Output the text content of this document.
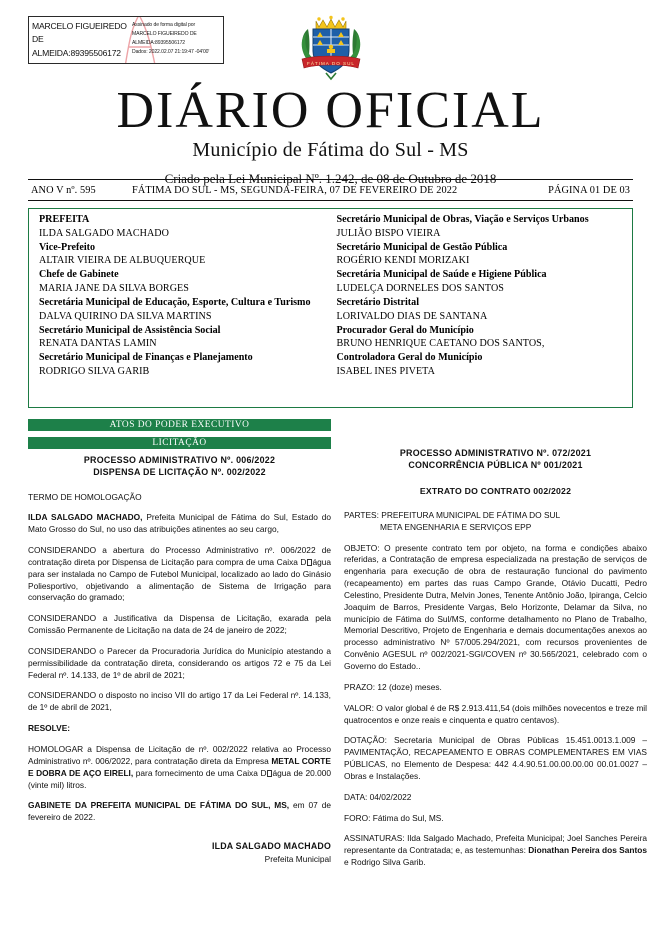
MARCELO FIGUEIREDO DE ALMEIDA:89395506172
Assinado de forma digital por
MARCELO FIGUEIREDO DE
ALMEIDA:89395506172
Dados: 2022.02.07 21:19:47 -04'00'
FÁTIMA DO SUL
DIÁRIO OFICIAL
Município de Fátima do Sul - MS
Criado pela Lei Municipal Nº. 1.242, de 08 de Outubro de 2018
ANO V nº. 595	FÁTIMA DO SUL - MS, SEGUNDA-FEIRA, 07 DE FEVEREIRO DE 2022	PÁGINA 01 DE 03
PREFEITA
ILDA SALGADO MACHADO
Vice-Prefeito
ALTAIR VIEIRA DE ALBUQUERQUE
Chefe de Gabinete
MARIA JANE DA SILVA BORGES
Secretária Municipal de Educação, Esporte, Cultura e Turismo
DALVA QUIRINO DA SILVA MARTINS
Secretário Municipal de Assistência Social
RENATA DANTAS LAMIN
Secretário Municipal de Finanças e Planejamento
RODRIGO SILVA GARIB
Secretário Municipal de Obras, Viação e Serviços Urbanos
JULIÃO BISPO VIEIRA
Secretário Municipal de Gestão Pública
ROGÉRIO KENDI MORIZAKI
Secretária Municipal de Saúde e Higiene Pública
LUDELÇA DORNELES DOS SANTOS
Secretário Distrital
LORIVALDO DIAS DE SANTANA
Procurador Geral do Município
BRUNO HENRIQUE CAETANO DOS SANTOS,
Controladora Geral do Município
ISABEL INES PIVETA
ATOS DO PODER EXECUTIVO
LICITAÇÃO
PROCESSO ADMINISTRATIVO Nº. 006/2022
DISPENSA DE LICITAÇÃO Nº. 002/2022

TERMO DE HOMOLOGAÇÃO

ILDA SALGADO MACHADO, Prefeita Municipal de Fátima do Sul, Estado do Mato Grosso do Sul, no uso das atribuições atinentes ao seu cargo,

CONSIDERANDO a abertura do Processo Administrativo nº. 006/2022 de contratação direta por Dispensa de Licitação para compra de uma Caixa D água para ser instalada no Campo de Futebol Municipal, localizado ao lado do Ginásio Poliesportivo, objetivando a alimentação de Sistema de Irrigação para conservação do gramado;

CONSIDERANDO a Justificativa da Dispensa de Licitação, exarada pela Comissão Permanente de Licitação na data de 24 de janeiro de 2022;

CONSIDERANDO o Parecer da Procuradoria Jurídica do Município atestando a permissibilidade da contratação direta, considerando os artigos 72 e 75 da Lei Federal nº. 14.133, de 1º de abril de 2021;

CONSIDERANDO o disposto no inciso VII do artigo 17 da Lei Federal nº. 14.133, de 1º de abril de 2021,

RESOLVE:

HOMOLOGAR a Dispensa de Licitação de nº. 002/2022 relativa ao Processo Administrativo nº. 006/2022, para contratação direta da Empresa METAL CORTE E DOBRA DE AÇO EIRELI, para fornecimento de uma Caixa D água de 20.000 (vinte mil) litros.

GABINETE DA PREFEITA MUNICIPAL DE FÁTIMA DO SUL, MS, em 07 de fevereiro de 2022.

ILDA SALGADO MACHADO
Prefeita Municipal
PROCESSO ADMINISTRATIVO Nº. 072/2021
CONCORRÊNCIA PÚBLICA Nº 001/2021
EXTRATO DO CONTRATO 002/2022

PARTES: PREFEITURA MUNICIPAL DE FÁTIMA DO SUL

META ENGENHARIA E SERVIÇOS EPP

OBJETO: O presente contrato tem por objeto, na forma e condições abaixo referidas, a Contratação de empresa especializada na prestação de serviços de engenharia para execução de obra de restauração funcional do pavimento (recapeamento) em partes das ruas Campo Grande, Otávio Ducatti, Pedro Celestino, Presidente Dutra, Melvin Jones, Tenente Antônio João, Ipiranga, Celcio Joaquim de Barros, Presidente Vargas, Belo Horizonte, Delamar da Silva, no município de Fátima do Sul/MS, conforme detalhamento no Plano de Trabalho, Memorial Descritivo, Projeto de Engenharia e demais documentações anexos ao processo administrativo Nº 57/005.294/2021, com recursos provenientes de Convênio AGESUL nº 002/2021-SGI/COVEN nº 30.565/2021, celebrado com o Governo do Estado..

PRAZO: 12 (doze) meses.

VALOR: O valor global é de R$ 2.913.411,54 (dois milhões novecentos e treze mil quatrocentos e onze reais e cinquenta e quatro centavos).

DOTAÇÃO: Secretaria Municipal de Obras Públicas 15.451.0013.1.009 – PAVIMENTAÇÃO, RECAPEAMENTO E OBRAS COMPLEMENTARES EM VIAS PÚBLICAS, no Elemento de Despesa: 442 4.4.90.51.00.00.00.00 00.01.0027 – Obras e Instalações.

DATA: 04/02/2022

FORO: Fátima do Sul, MS.

ASSINATURAS: Ilda Salgado Machado, Prefeita Municipal; Joel Sanches Pereira representante da Contratada; e, as testemunhas: Dionathan Pereira dos Santos e Rodrigo Silva Garib.
